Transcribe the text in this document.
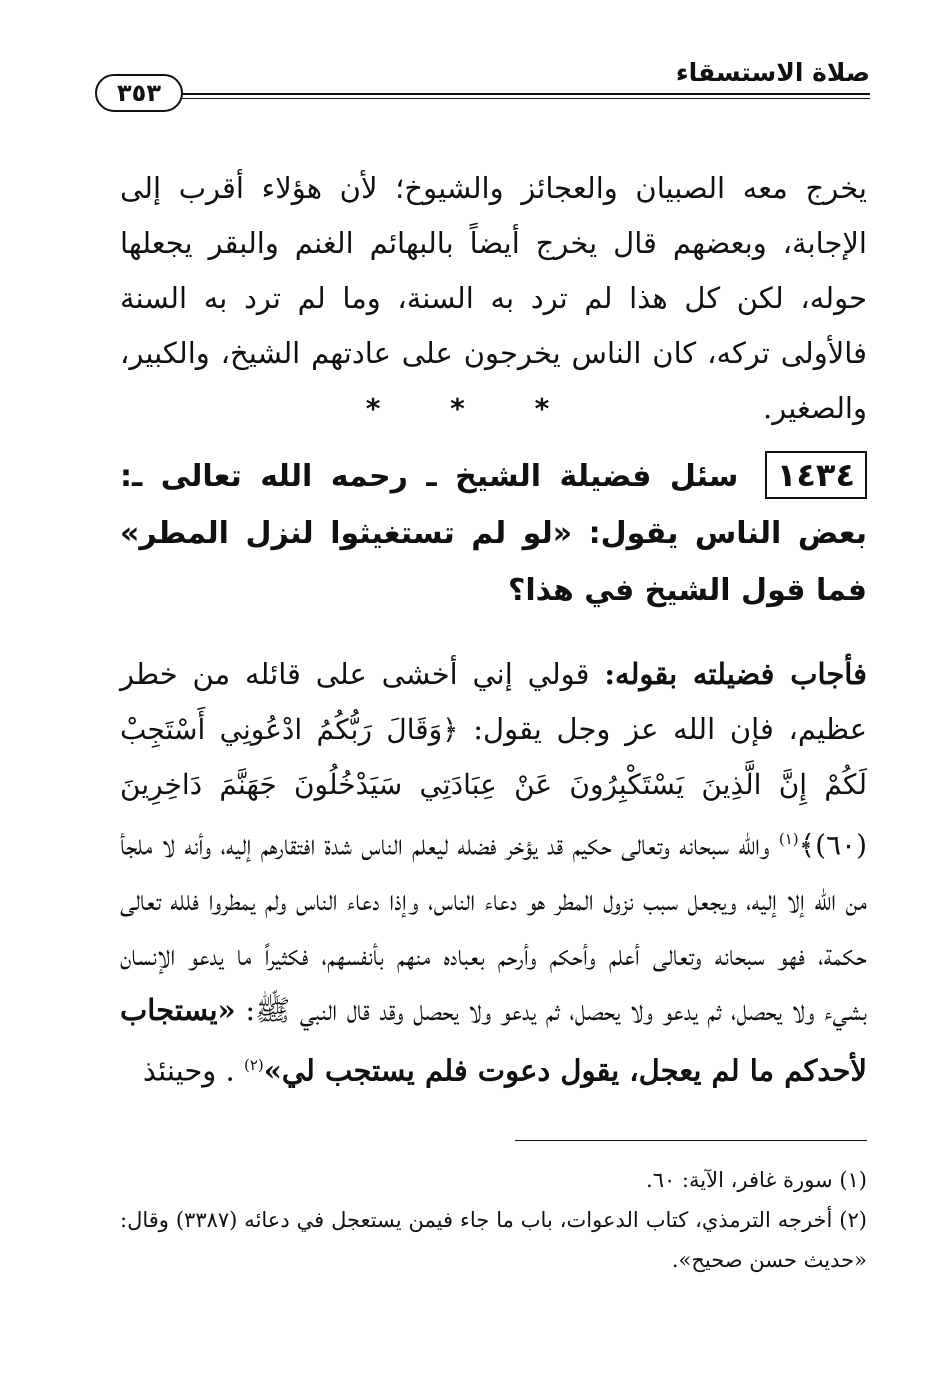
صلاة الاستسقاء
٣٥٣

يخرج معه الصبيان والعجائز والشيوخ؛ لأن هؤلاء أقرب إلى الإجابة، وبعضهم قال يخرج أيضاً بالبهائم الغنم والبقر يجعلها حوله، لكن كل هذا لم ترد به السنة، وما لم ترد به السنة فالأولى تركه، كان الناس يخرجون على عادتهم الشيخ، والكبير، والصغير.

* * *
١٤٣٤ سئل فضيلة الشيخ ـ رحمه الله تعالى ـ: بعض الناس يقول: «لو لم تستغيثوا لنزل المطر» فما قول الشيخ في هذا؟

فأجاب فضيلته بقوله: قولي إني أخشى على قائله من خطر عظيم، فإن الله عز وجل يقول: ﴿وَقَالَ رَبُّكُمُ ادْعُونِي أَسْتَجِبْ لَكُمْ إِنَّ الَّذِينَ يَسْتَكْبِرُونَ عَنْ عِبَادَتِي سَيَدْخُلُونَ جَهَنَّمَ دَاخِرِينَ (٦٠)﴾$^{(١)}$ والله سبحانه وتعالى حكيم قد يؤخر فضله ليعلم الناس شدة افتقارهم إليه، وأنه لا ملجأ من الله إلا إليه، ويجعل سبب نزول المطر هو دعاء الناس، وإذا دعاء الناس ولم يمطروا فلله تعالى حكمة، فهو سبحانه وتعالى أعلم وأحكم وأرحم بعباده منهم بأنفسهم، فكثيراً ما يدعو الإنسان بشيء ولا يحصل، ثم يدعو ولا يحصل، ثم يدعو ولا يحصل وقد قال النبي ﷺ: «يستجاب لأحدكم ما لم يعجل، يقول دعوت فلم يستجب لي»$^{(٢)}$ . وحينئذ

(١) سورة غافر، الآية: ٦٠.

(٢) أخرجه الترمذي، كتاب الدعوات، باب ما جاء فيمن يستعجل في دعائه (٣٣٨٧) وقال: «حديث حسن صحيح».
